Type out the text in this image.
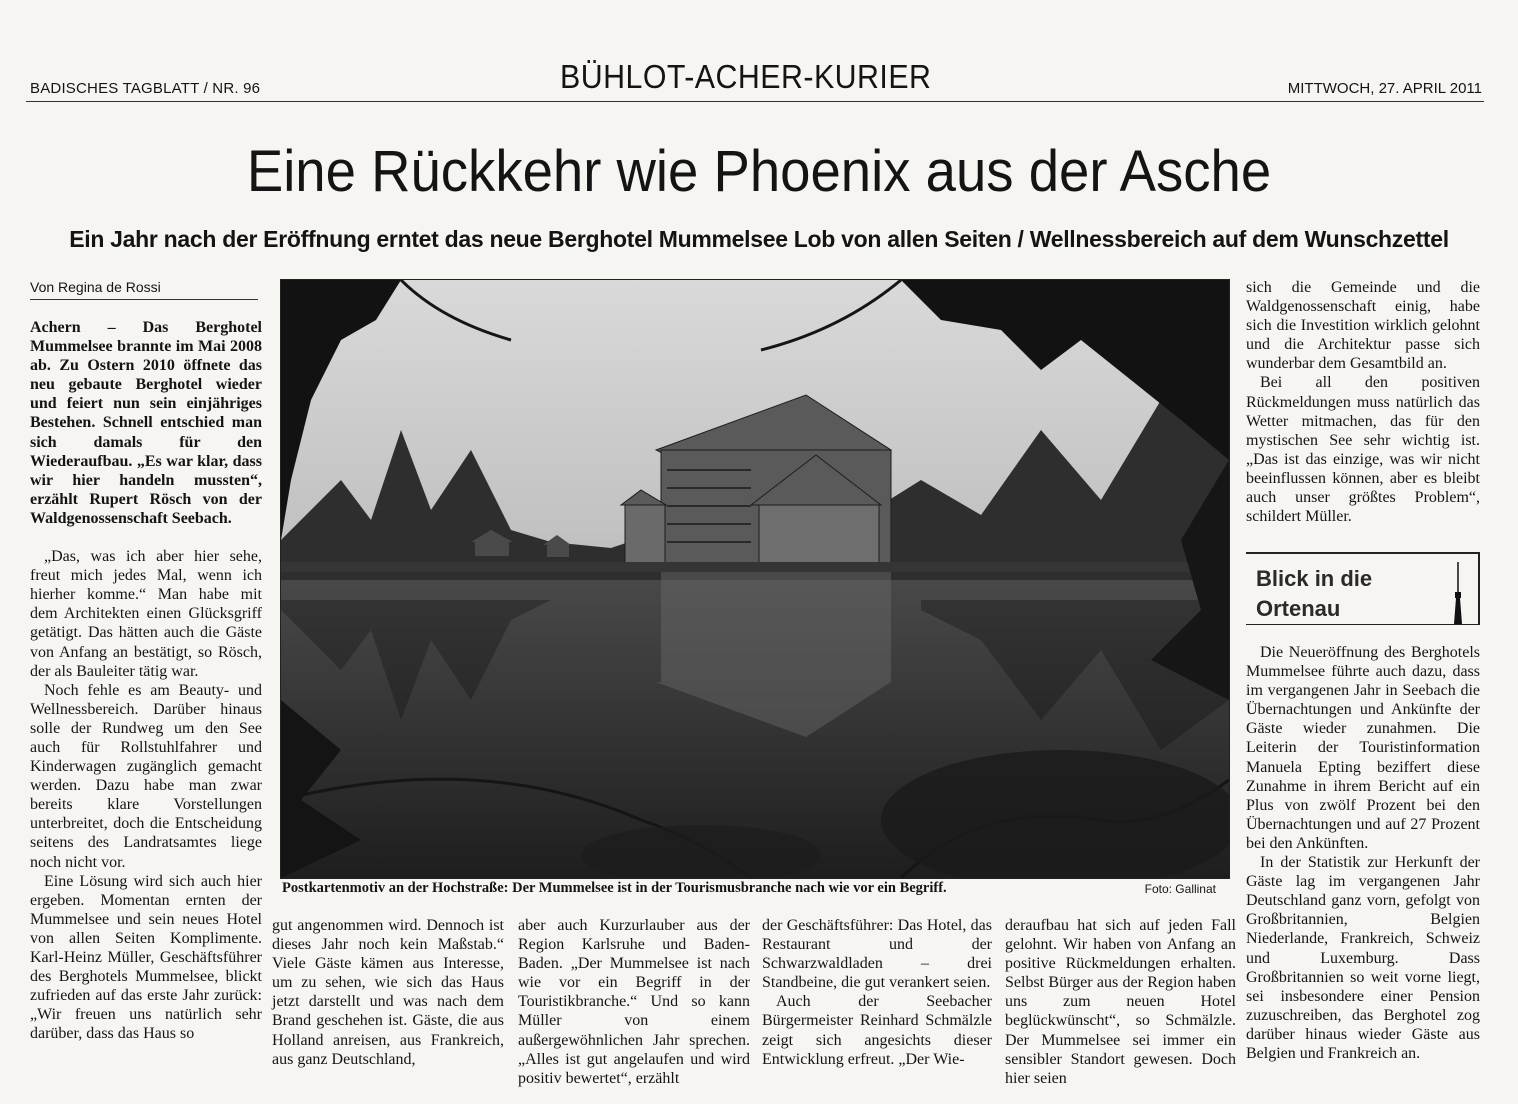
BADISCHES TAGBLATT / NR. 96	BÜHLOT-ACHER-KURIER	MITTWOCH, 27. APRIL 2011
Eine Rückkehr wie Phoenix aus der Asche
Ein Jahr nach der Eröffnung erntet das neue Berghotel Mummelsee Lob von allen Seiten / Wellnessbereich auf dem Wunschzettel
Von Regina de Rossi

Achern – Das Berghotel Mummelsee brannte im Mai 2008 ab. Zu Ostern 2010 öffnete das neu gebaute Berghotel wieder und feiert nun sein einjähriges Bestehen. Schnell entschied man sich damals für den Wiederaufbau. „Es war klar, dass wir hier handeln mussten“, erzählt Rupert Rösch von der Waldgenossenschaft Seebach.

„Das, was ich aber hier sehe, freut mich jedes Mal, wenn ich hierher komme.“ Man habe mit dem Architekten einen Glücksgriff getätigt. Das hätten auch die Gäste von Anfang an bestätigt, so Rösch, der als Bauleiter tätig war.

Noch fehle es am Beauty- und Wellnessbereich. Darüber hinaus solle der Rundweg um den See auch für Rollstuhlfahrer und Kinderwagen zugänglich gemacht werden. Dazu habe man zwar bereits klare Vorstellungen unterbreitet, doch die Entscheidung seitens des Landratsamtes liege noch nicht vor.

Eine Lösung wird sich auch hier ergeben. Momentan ernten der Mummelsee und sein neues Hotel von allen Seiten Komplimente. Karl-Heinz Müller, Geschäftsführer des Berghotels Mummelsee, blickt zufrieden auf das erste Jahr zurück: „Wir freuen uns natürlich sehr darüber, dass das Haus so

Postkartenmotiv an der Hochstraße: Der Mummelsee ist in der Tourismusbranche nach wie vor ein Begriff.	Foto: Gallinat

gut angenommen wird. Dennoch ist dieses Jahr noch kein Maßstab.“ Viele Gäste kämen aus Interesse, um zu sehen, wie sich das Haus jetzt darstellt und was nach dem Brand geschehen ist. Gäste, die aus Holland anreisen, aus Frankreich, aus ganz Deutschland,

aber auch Kurzurlauber aus der Region Karlsruhe und Baden-Baden. „Der Mummelsee ist nach wie vor ein Begriff in der Touristikbranche.“ Und so kann Müller von einem außergewöhnlichen Jahr sprechen. „Alles ist gut angelaufen und wird positiv bewertet“, erzählt

der Geschäftsführer: Das Hotel, das Restaurant und der Schwarzwaldladen – drei Standbeine, die gut verankert seien.

Auch der Seebacher Bürgermeister Reinhard Schmälzle zeigt sich angesichts dieser Entwicklung erfreut. „Der Wie-

deraufbau hat sich auf jeden Fall gelohnt. Wir haben von Anfang an positive Rückmeldungen erhalten. Selbst Bürger aus der Region haben uns zum neuen Hotel beglückwünscht“, so Schmälzle. Der Mummelsee sei immer ein sensibler Standort gewesen. Doch hier seien

sich die Gemeinde und die Waldgenossenschaft einig, habe sich die Investition wirklich gelohnt und die Architektur passe sich wunderbar dem Gesamtbild an.

Bei all den positiven Rückmeldungen muss natürlich das Wetter mitmachen, das für den mystischen See sehr wichtig ist. „Das ist das einzige, was wir nicht beeinflussen können, aber es bleibt auch unser größtes Problem“, schildert Müller.

Blick in die
Ortenau

Die Neueröffnung des Berghotels Mummelsee führte auch dazu, dass im vergangenen Jahr in Seebach die Übernachtungen und Ankünfte der Gäste wieder zunahmen. Die Leiterin der Touristinformation Manuela Epting beziffert diese Zunahme in ihrem Bericht auf ein Plus von zwölf Prozent bei den Übernachtungen und auf 27 Prozent bei den Ankünften.

In der Statistik zur Herkunft der Gäste lag im vergangenen Jahr Deutschland ganz vorn, gefolgt von Großbritannien, Belgien Niederlande, Frankreich, Schweiz und Luxemburg. Dass Großbritannien so weit vorne liegt, sei insbesondere einer Pension zuzuschreiben, das Berghotel zog darüber hinaus wieder Gäste aus Belgien und Frankreich an.
